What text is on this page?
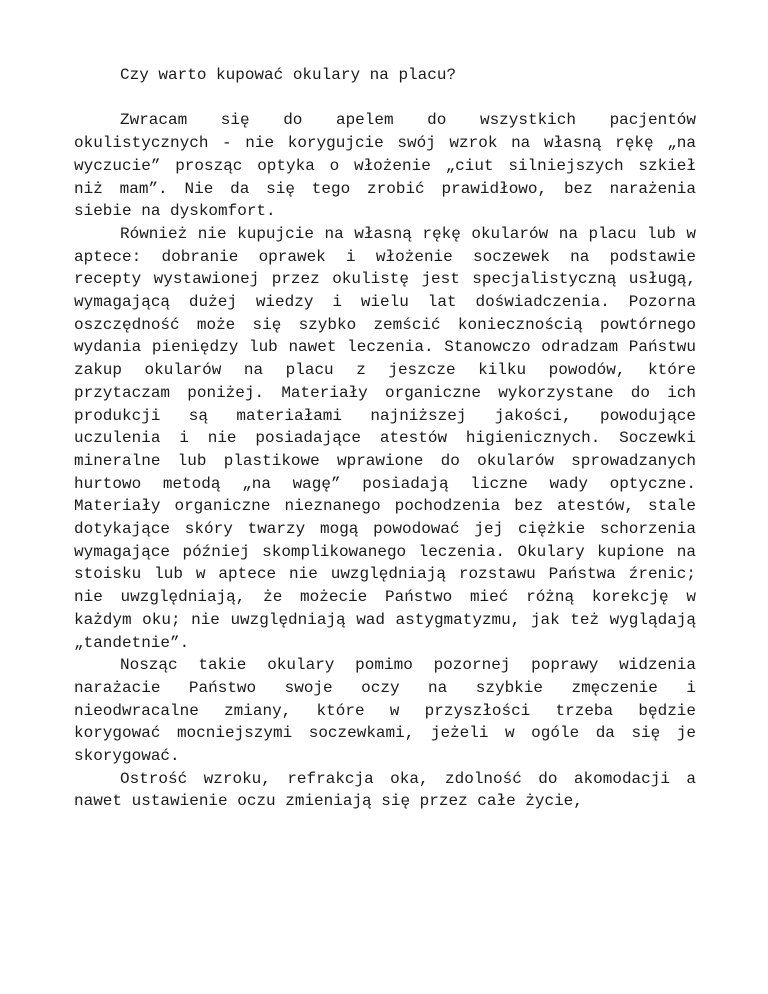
Czy warto kupować okulary na placu?

Zwracam się do apelem do wszystkich pacjentów okulistycznych - nie korygujcie swój wzrok na własną rękę „na wyczucie” prosząc optyka o włożenie „ciut silniejszych szkieł niż mam”. Nie da się tego zrobić prawidłowo, bez narażenia siebie na dyskomfort.

Również nie kupujcie na własną rękę okularów na placu lub w aptece: dobranie oprawek i włożenie soczewek na podstawie recepty wystawionej przez okulistę jest specjalistyczną usługą, wymagającą dużej wiedzy i wielu lat doświadczenia. Pozorna oszczędność może się szybko zemścić koniecznością powtórnego wydania pieniędzy lub nawet leczenia. Stanowczo odradzam Państwu zakup okularów na placu z jeszcze kilku powodów, które przytaczam poniżej. Materiały organiczne wykorzystane do ich produkcji są materiałami najniższej jakości, powodujące uczulenia i nie posiadające atestów higienicznych. Soczewki mineralne lub plastikowe wprawione do okularów sprowadzanych hurtowo metodą „na wagę” posiadają liczne wady optyczne. Materiały organiczne nieznanego pochodzenia bez atestów, stale dotykające skóry twarzy mogą powodować jej ciężkie schorzenia wymagające później skomplikowanego leczenia. Okulary kupione na stoisku lub w aptece nie uwzględniają rozstawu Państwa źrenic; nie uwzględniają, że możecie Państwo mieć różną korekcję w każdym oku; nie uwzględniają wad astygmatyzmu, jak też wyglądają „tandetnie”.

Nosząc takie okulary pomimo pozornej poprawy widzenia narażacie Państwo swoje oczy na szybkie zmęczenie i nieodwracalne zmiany, które w przyszłości trzeba będzie korygować mocniejszymi soczewkami, jeżeli w ogóle da się je skorygować.

Ostrość wzroku, refrakcja oka, zdolność do akomodacji a nawet ustawienie oczu zmieniają się przez całe życie,
